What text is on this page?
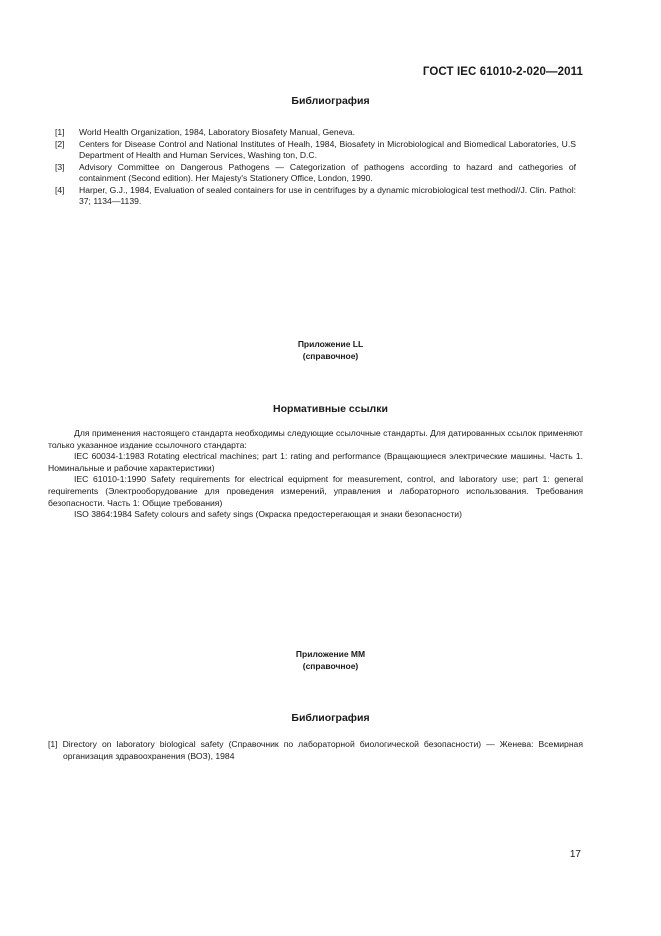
ГОСТ IEC 61010-2-020—2011
Библиография
[1]	World Health Organization, 1984, Laboratory Biosafety Manual, Geneva.
[2]	Centers for Disease Control and National Institutes of Healh, 1984, Biosafety in Microbiological and Biomedical Laboratories, U.S Department of Health and Human Services, Washing ton, D.C.
[3]	Advisory Committee on Dangerous Pathogens — Categorization of pathogens according to hazard and cathegories of containment (Second edition). Her Majesty's Stationery Office, London, 1990.
[4]	Harper, G.J., 1984, Evaluation of sealed containers for use in centrifuges by a dynamic microbiological test method//J. Clin. Pathol: 37; 1134—1139.
Приложение LL
(справочное)
Нормативные ссылки

Для применения настоящего стандарта необходимы следующие ссылочные стандарты. Для датированных ссылок применяют только указанное издание ссылочного стандарта:

IEC 60034-1:1983 Rotating electrical machines; part 1: rating and performance (Вращающиеся электрические машины. Часть 1. Номинальные и рабочие характеристики)

IEC 61010-1:1990 Safety requirements for electrical equipment for measurement, control, and laboratory use; part 1: general requirements (Электрооборудование для проведения измерений, управления и лабораторного использования. Требования безопасности. Часть 1: Общие требования)

ISO 3864:1984 Safety colours and safety sings (Окраска предостерегающая и знаки безопасности)

Приложение ММ
(справочное)
Библиография
[1] Directory on laboratory biological safety (Справочник по лабораторной биологической безопасности) — Женева: Всемирная организация здравоохранения (ВОЗ), 1984
17
